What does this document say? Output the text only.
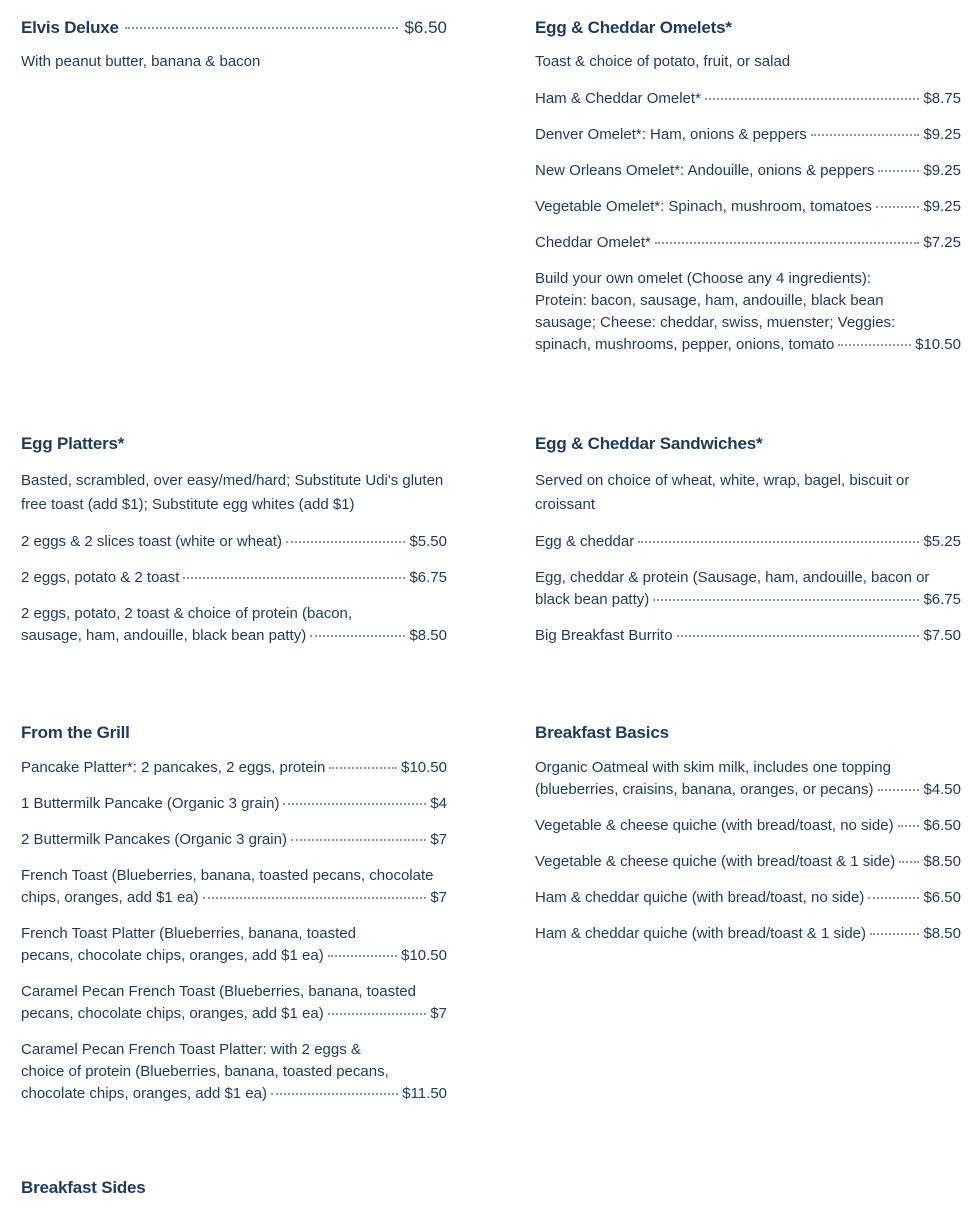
Elvis Deluxe	$6.50
With peanut butter, banana & bacon
Egg Platters*
Basted, scrambled, over easy/med/hard; Substitute Udi's gluten
free toast (add $1); Substitute egg whites (add $1)
2 eggs & 2 slices toast (white or wheat)	$5.50
2 eggs, potato & 2 toast	$6.75
2 eggs, potato, 2 toast & choice of protein (bacon,
sausage, ham, andouille, black bean patty)	$8.50
From the Grill
Pancake Platter*: 2 pancakes, 2 eggs, protein	$10.50
1 Buttermilk Pancake (Organic 3 grain)	$4
2 Buttermilk Pancakes (Organic 3 grain)	$7
French Toast (Blueberries, banana, toasted pecans, chocolate
chips, oranges, add $1 ea)	$7
French Toast Platter (Blueberries, banana, toasted
pecans, chocolate chips, oranges, add $1 ea)	$10.50
Caramel Pecan French Toast (Blueberries, banana, toasted
pecans, chocolate chips, oranges, add $1 ea)	$7
Caramel Pecan French Toast Platter: with 2 eggs &
choice of protein (Blueberries, banana, toasted pecans,
chocolate chips, oranges, add $1 ea)	$11.50
Breakfast Sides
Egg & Cheddar Omelets*
Toast & choice of potato, fruit, or salad
Ham & Cheddar Omelet*	$8.75
Denver Omelet*: Ham, onions & peppers	$9.25
New Orleans Omelet*: Andouille, onions & peppers	$9.25
Vegetable Omelet*: Spinach, mushroom, tomatoes	$9.25
Cheddar Omelet*	$7.25
Build your own omelet (Choose any 4 ingredients):
Protein: bacon, sausage, ham, andouille, black bean
sausage; Cheese: cheddar, swiss, muenster; Veggies:
spinach, mushrooms, pepper, onions, tomato	$10.50
Egg & Cheddar Sandwiches*
Served on choice of wheat, white, wrap, bagel, biscuit or
croissant
Egg & cheddar	$5.25
Egg, cheddar & protein (Sausage, ham, andouille, bacon or
black bean patty)	$6.75
Big Breakfast Burrito	$7.50
Breakfast Basics
Organic Oatmeal with skim milk, includes one topping
(blueberries, craisins, banana, oranges, or pecans)	$4.50
Vegetable & cheese quiche (with bread/toast, no side) $6.50
Vegetable & cheese quiche (with bread/toast & 1 side) $8.50
Ham & cheddar quiche (with bread/toast, no side)	$6.50
Ham & cheddar quiche (with bread/toast & 1 side)	$8.50
